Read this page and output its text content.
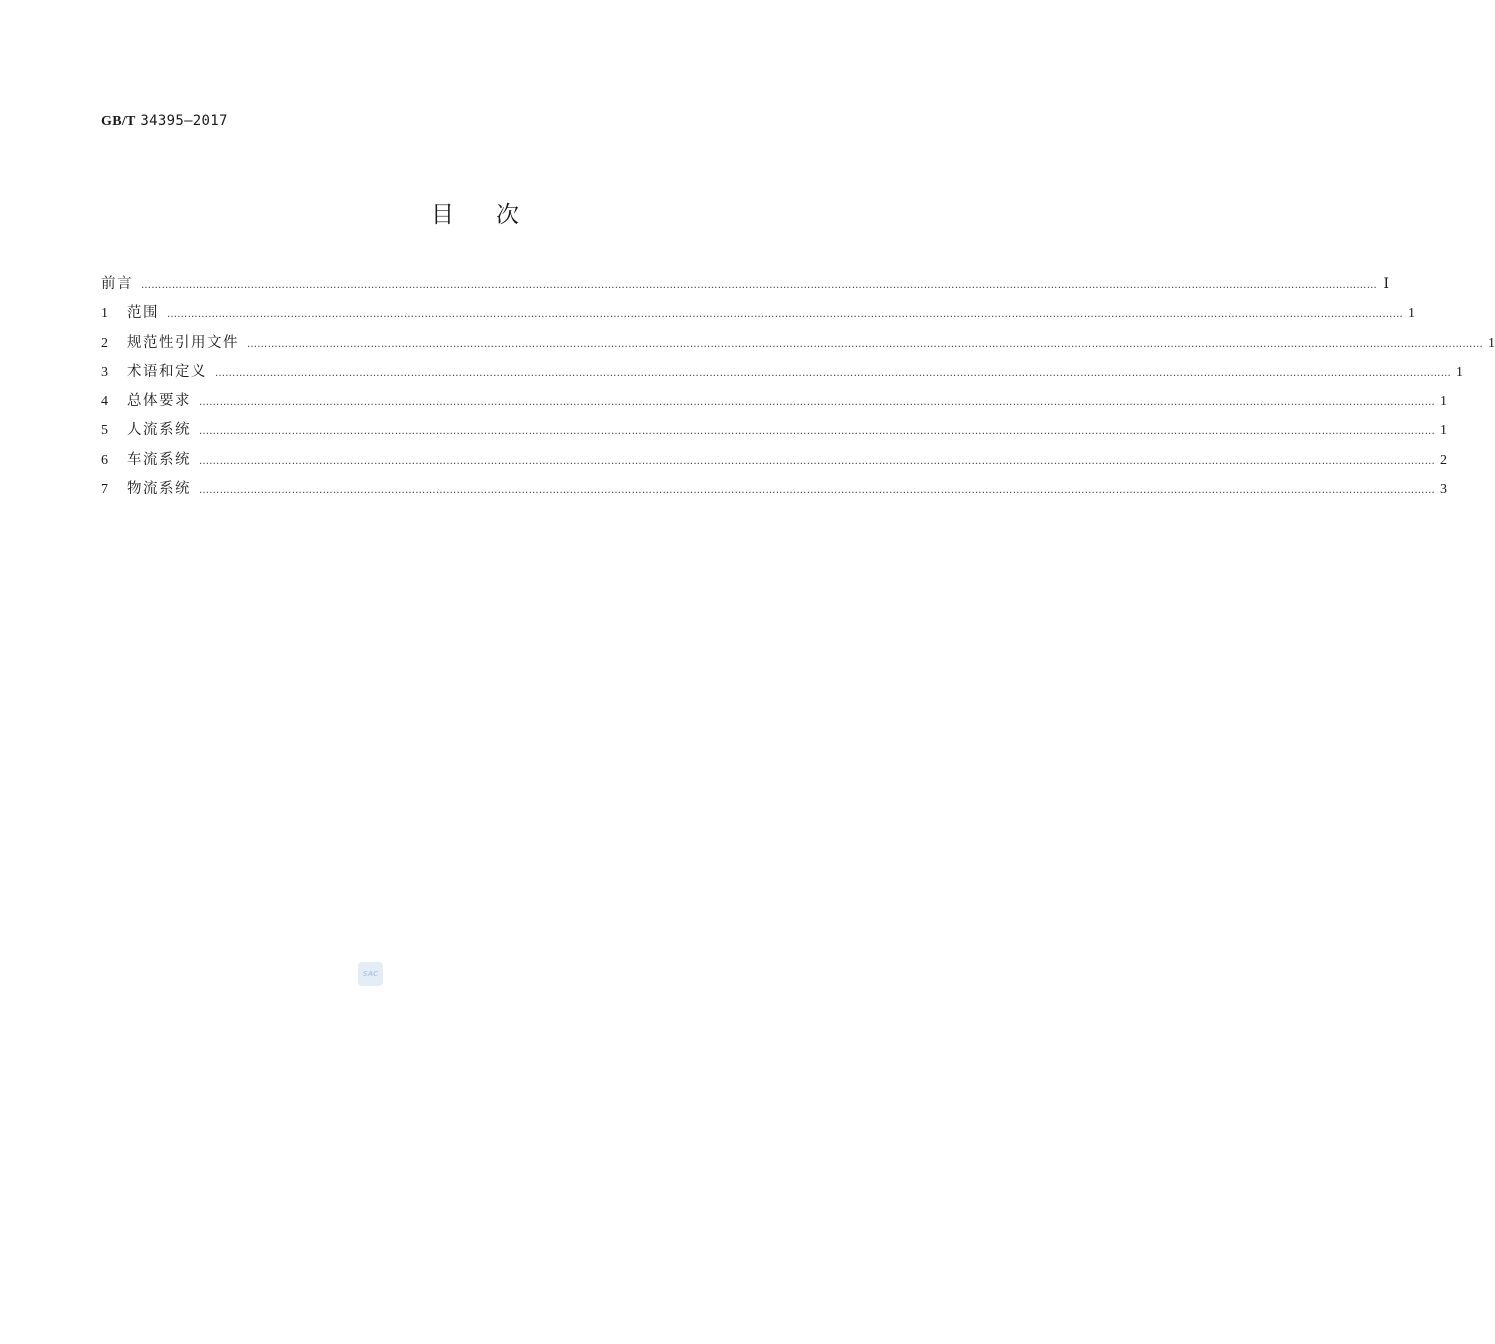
GB/T 34395—2017
目次
前言 ……………………………………………………………………………………………………………………………………………………………………………………………………………………………………………………………………………………………………………………………… Ⅰ
1	范围 ……………………………………………………………………………………………………………………………………………………………………………………………………………………………………………………………………………………………………………………………… 1
2	规范性引用文件 ……………………………………………………………………………………………………………………………………………………………………………………………………………………………………………………………………………………………………………………………… 1
3	术语和定义 ……………………………………………………………………………………………………………………………………………………………………………………………………………………………………………………………………………………………………………………………… 1
4	总体要求 ……………………………………………………………………………………………………………………………………………………………………………………………………………………………………………………………………………………………………………………………… 1
5	人流系统 ……………………………………………………………………………………………………………………………………………………………………………………………………………………………………………………………………………………………………………………………… 1
6	车流系统 ……………………………………………………………………………………………………………………………………………………………………………………………………………………………………………………………………………………………………………………………… 2
7	物流系统 ……………………………………………………………………………………………………………………………………………………………………………………………………………………………………………………………………………………………………………………………… 3
SAC
